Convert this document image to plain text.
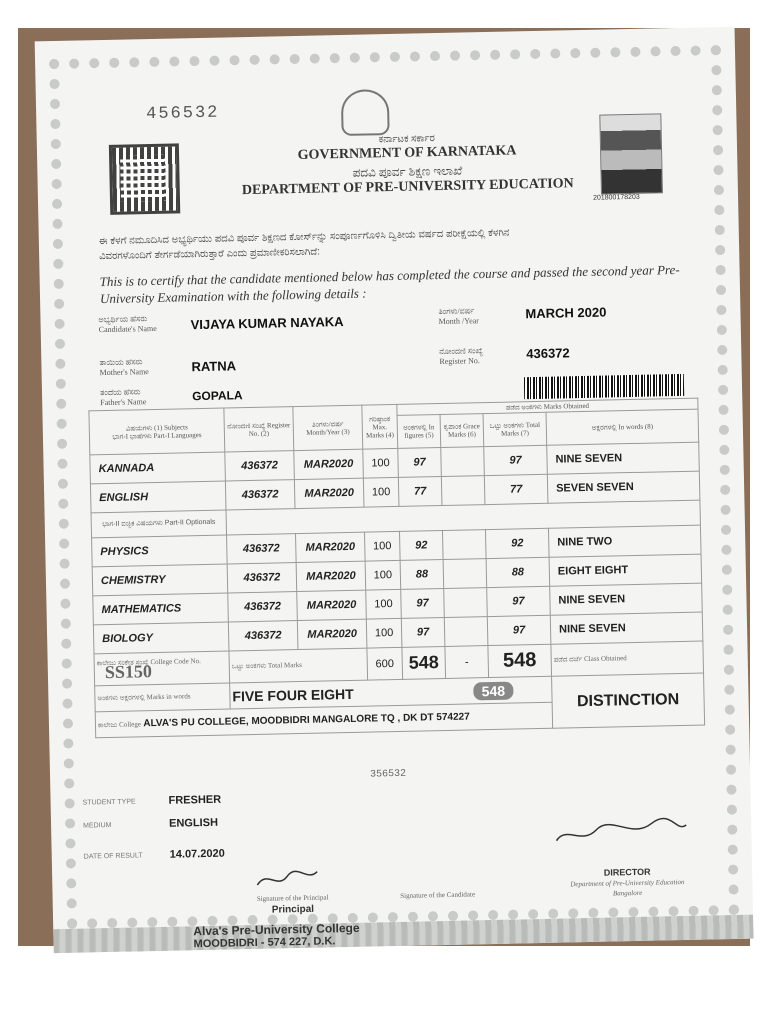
456532
ಕರ್ನಾಟಕ ಸರ್ಕಾರ
GOVERNMENT OF KARNATAKA
ಪದವಿ ಪೂರ್ವ ಶಿಕ್ಷಣ ಇಲಾಖೆ
DEPARTMENT OF PRE-UNIVERSITY EDUCATION	201800178203
ಈ ಕೆಳಗೆ ನಮೂದಿಸಿದ ಅಭ್ಯರ್ಥಿಯು ಪದವಿ ಪೂರ್ವ ಶಿಕ್ಷಣದ ಕೋರ್ಸ್‌ನ್ನು ಸಂಪೂರ್ಣಗೊಳಿಸಿ ದ್ವಿತೀಯ ವರ್ಷದ ಪರೀಕ್ಷೆಯಲ್ಲಿ ಕೆಳಗಿನ
ವಿವರಗಳೊಂದಿಗೆ ತೇರ್ಗಡೆಯಾಗಿರುತ್ತಾರೆ ಎಂದು ಪ್ರಮಾಣೀಕರಿಸಲಾಗಿದೆ:
This is to certify that the candidate mentioned below has completed the course and passed the second year Pre-University Examination with the following details :
ಅಭ್ಯರ್ಥಿಯ ಹೆಸರು
Candidate's Name	VIJAYA KUMAR NAYAKA
ತಾಯಿಯ ಹೆಸರು
Mother's Name	RATNA
ತಂದೆಯ ಹೆಸರು
Father's Name	GOPALA
ತಿಂಗಳು/ವರ್ಷ
Month /Year	MARCH 2020
ನೋಂದಣಿ ಸಂಖ್ಯೆ
Register No.	436372
ವಿಷಯಗಳು (1) Subjects
ಭಾಗ-I ಭಾಷೆಗಳು Part-I Languages	ನೋಂದಣಿ ಸಂಖ್ಯೆ Register No. (2)	ತಿಂಗಳು/ವರ್ಷ Month/Year (3)	ಗರಿಷ್ಠಾಂಕ Max. Marks (4)	ಪಡೆದ ಅಂಕಗಳು Marks Obtained			
				ಅಂಕಗಳಲ್ಲಿ In figures (5)	ಕೃಪಾಂಕ Grace Marks (6)	ಒಟ್ಟು ಅಂಕಗಳು Total Marks (7)	ಅಕ್ಷರಗಳಲ್ಲಿ In words (8)
KANNADA	436372	MAR2020	100	97		97	NINE SEVEN
ENGLISH	436372	MAR2020	100	77		77	SEVEN SEVEN
ಭಾಗ-II ಐಚ್ಛಿಕ ವಿಷಯಗಳು Part-II Optionals							
PHYSICS	436372	MAR2020	100	92		92	NINE TWO
CHEMISTRY	436372	MAR2020	100	88		88	EIGHT EIGHT
MATHEMATICS	436372	MAR2020	100	97		97	NINE SEVEN
BIOLOGY	436372	MAR2020	100	97		97	NINE SEVEN
ಕಾಲೇಜು ಸಂಕೇತ ಸಂಖ್ಯೆ College Code No. SS150	ಒಟ್ಟು ಅಂಕಗಳು Total Marks		600	548	-	548	ಪಡೆದ ದರ್ಜೆ Class Obtained
ಅಂಕಗಳು ಅಕ್ಷರಗಳಲ್ಲಿ Marks in words	FIVE FOUR EIGHT 548						DISTINCTION
ಕಾಲೇಜು College ALVA'S PU COLLEGE, MOODBIDRI MANGALORE TQ , DK DT 574227							
356532
STUDENT TYPE	FRESHER
MEDIUM	ENGLISH
DATE OF RESULT 14.07.2020
Signature of the Principal
Principal
Signature of the Candidate
DIRECTOR
Department of Pre-University Education
Bangalore
Alva's Pre-University College
MOODBIDRI - 574 227, D.K.
